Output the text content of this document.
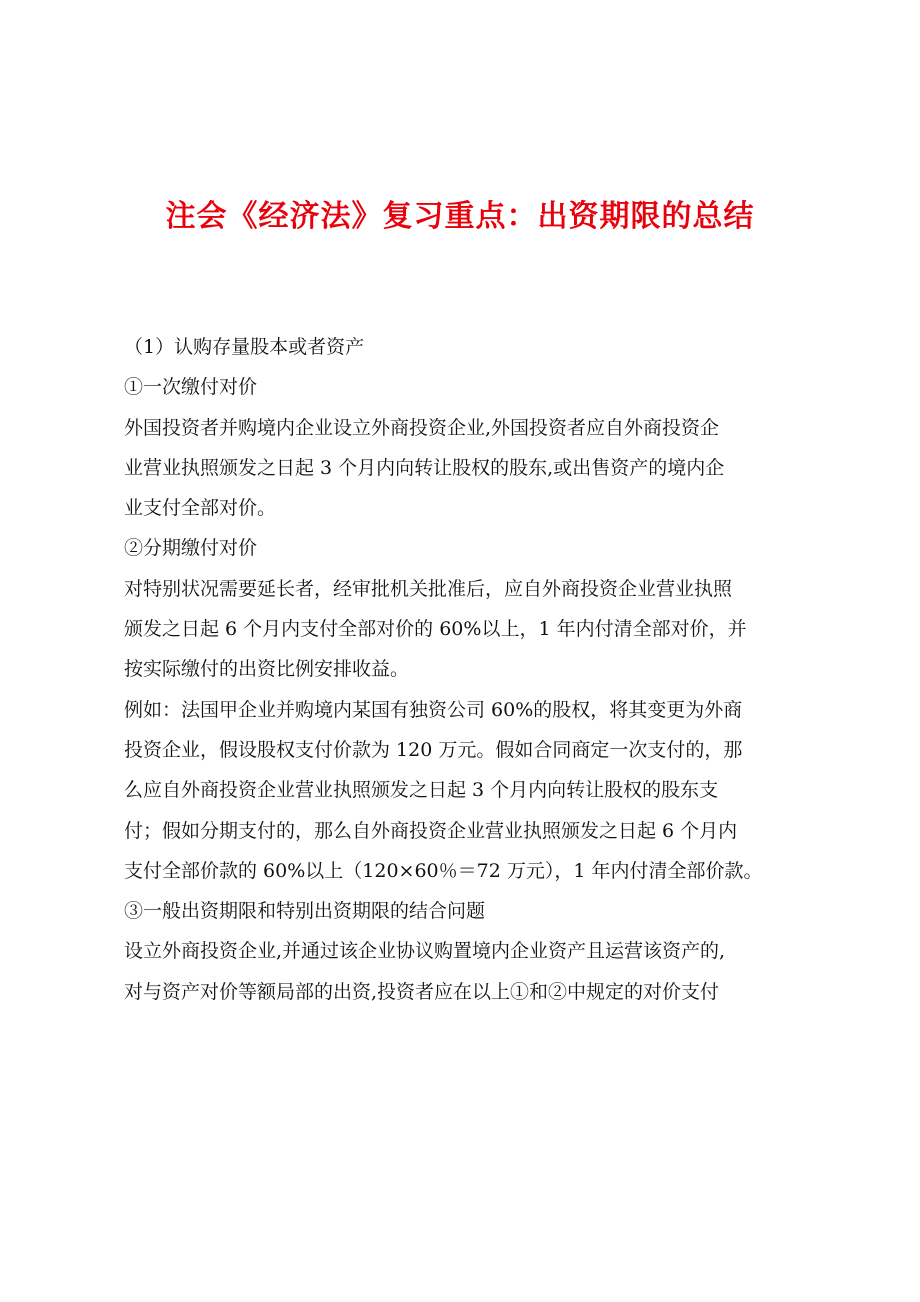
注会《经济法》复习重点：出资期限的总结
（1）认购存量股本或者资产
①一次缴付对价
外国投资者并购境内企业设立外商投资企业,外国投资者应自外商投资企
业营业执照颁发之日起 3 个月内向转让股权的股东,或出售资产的境内企
业支付全部对价。
②分期缴付对价
对特别状况需要延长者，经审批机关批准后，应自外商投资企业营业执照
颁发之日起 6 个月内支付全部对价的 60%以上，1 年内付清全部对价，并
按实际缴付的出资比例安排收益。
例如：法国甲企业并购境内某国有独资公司 60%的股权，将其变更为外商
投资企业，假设股权支付价款为 120 万元。假如合同商定一次支付的，那
么应自外商投资企业营业执照颁发之日起 3 个月内向转让股权的股东支
付；假如分期支付的，那么自外商投资企业营业执照颁发之日起 6 个月内
支付全部价款的 60%以上（120×60％＝72 万元），1 年内付清全部价款。
③一般出资期限和特别出资期限的结合问题
设立外商投资企业,并通过该企业协议购置境内企业资产且运营该资产的,
对与资产对价等额局部的出资,投资者应在以上①和②中规定的对价支付
